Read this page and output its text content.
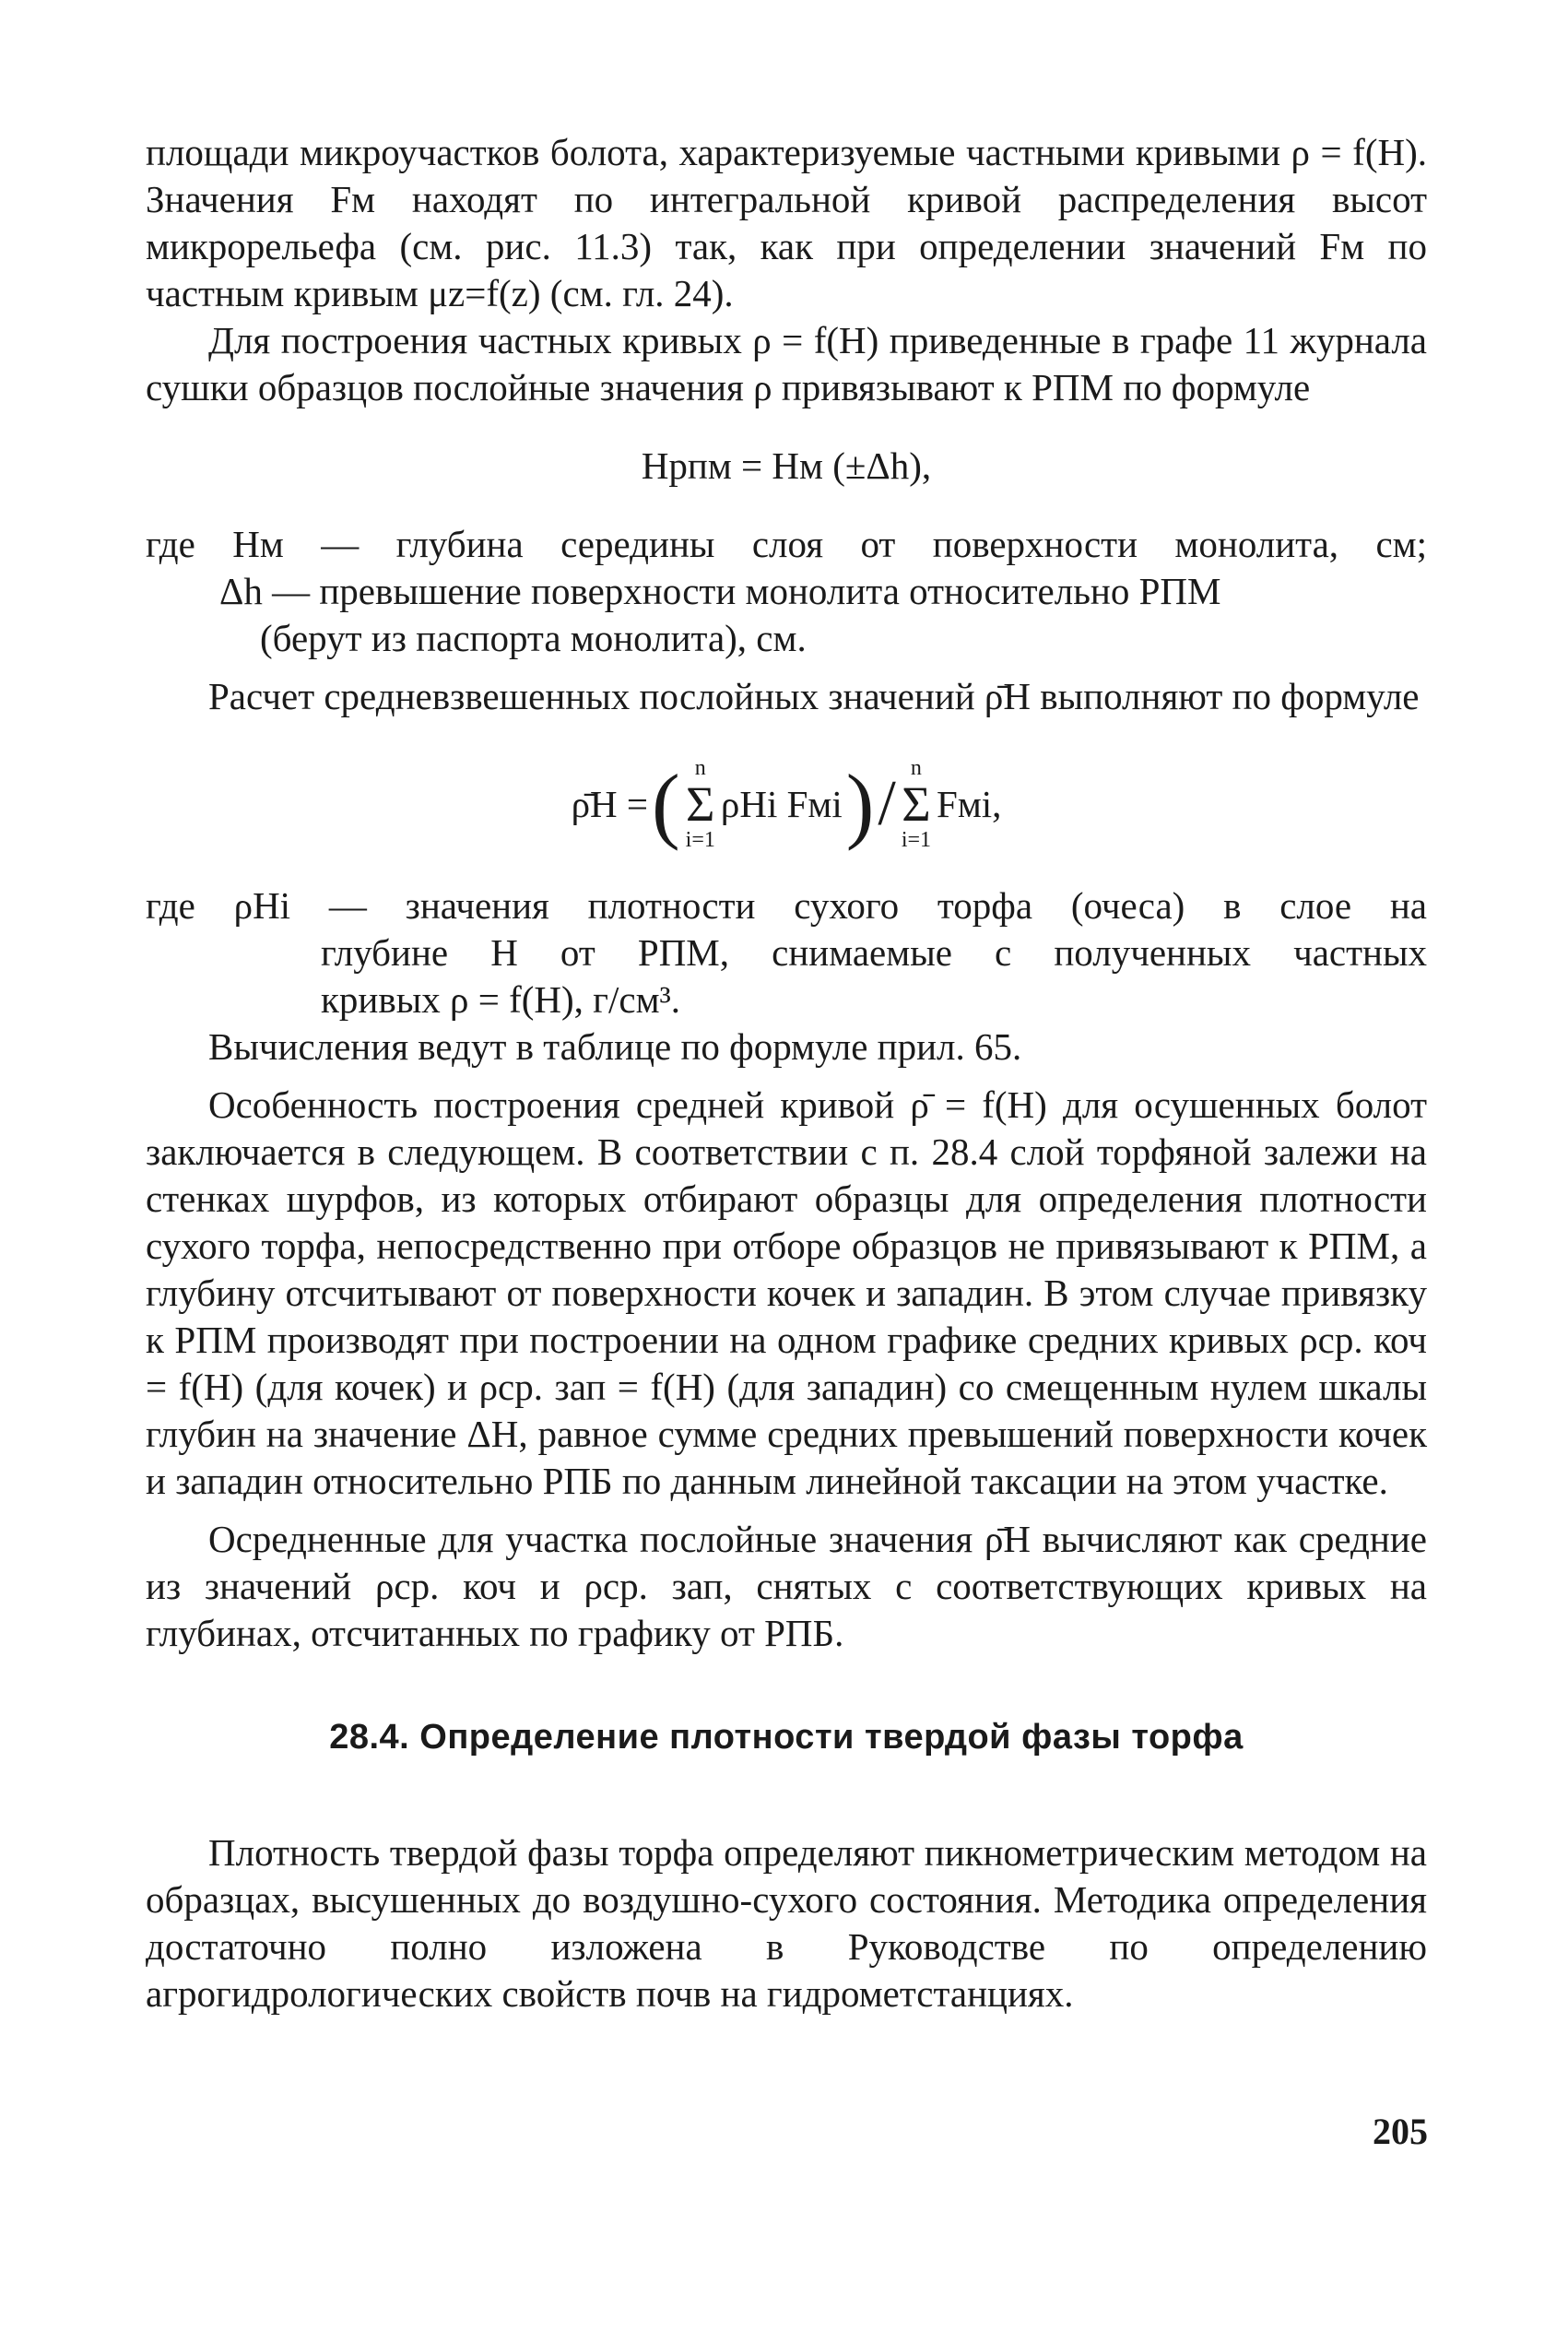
площади микроучастков болота, характеризуемые частными кривыми ρ = f(H). Значения Fм находят по интегральной кривой распределения высот микрорельефа (см. рис. 11.3) так, как при определении значений Fм по частным кривым μz=f(z) (см. гл. 24).

Для построения частных кривых ρ = f(H) приведенные в графе 11 журнала сушки образцов послойные значения ρ привязывают к РПМ по формуле

Hрпм = Hм (±Δh),
где Hм — глубина середины слоя от поверхности монолита, см;
Δh — превышение поверхности монолита относительно РПМ
(берут из паспорта монолита), см.

Расчет средневзвешенных послойных значений ρ̄H выполняют по формуле

ρ̄H = ( n
Σ
i=1
ρHi Fмi ) / n
Σ
i=1
Fмi,
где ρHi — значения плотности сухого торфа (очеса) в слое на
глубине H от РПМ, снимаемые с полученных частных
кривых ρ = f(H), г/см³.

Вычисления ведут в таблице по формуле прил. 65.

Особенность построения средней кривой ρ̄ = f(H) для осушенных болот заключается в следующем. В соответствии с п. 28.4 слой торфяной залежи на стенках шурфов, из которых отбирают образцы для определения плотности сухого торфа, непосредственно при отборе образцов не привязывают к РПМ, а глубину отсчитывают от поверхности кочек и западин. В этом случае привязку к РПМ производят при построении на одном графике средних кривых ρср. коч = f(H) (для кочек) и ρср. зап = f(H) (для западин) со смещенным нулем шкалы глубин на значение ΔH, равное сумме средних превышений поверхности кочек и западин относительно РПБ по данным линейной таксации на этом участке.

Осредненные для участка послойные значения ρ̄H вычисляют как средние из значений ρср. коч и ρср. зап, снятых с соответствующих кривых на глубинах, отсчитанных по графику от РПБ.

28.4. Определение плотности твердой фазы торфа

Плотность твердой фазы торфа определяют пикнометрическим методом на образцах, высушенных до воздушно-сухого состояния. Методика определения достаточно полно изложена в Руководстве по определению агрогидрологических свойств почв на гидрометстанциях.

205
